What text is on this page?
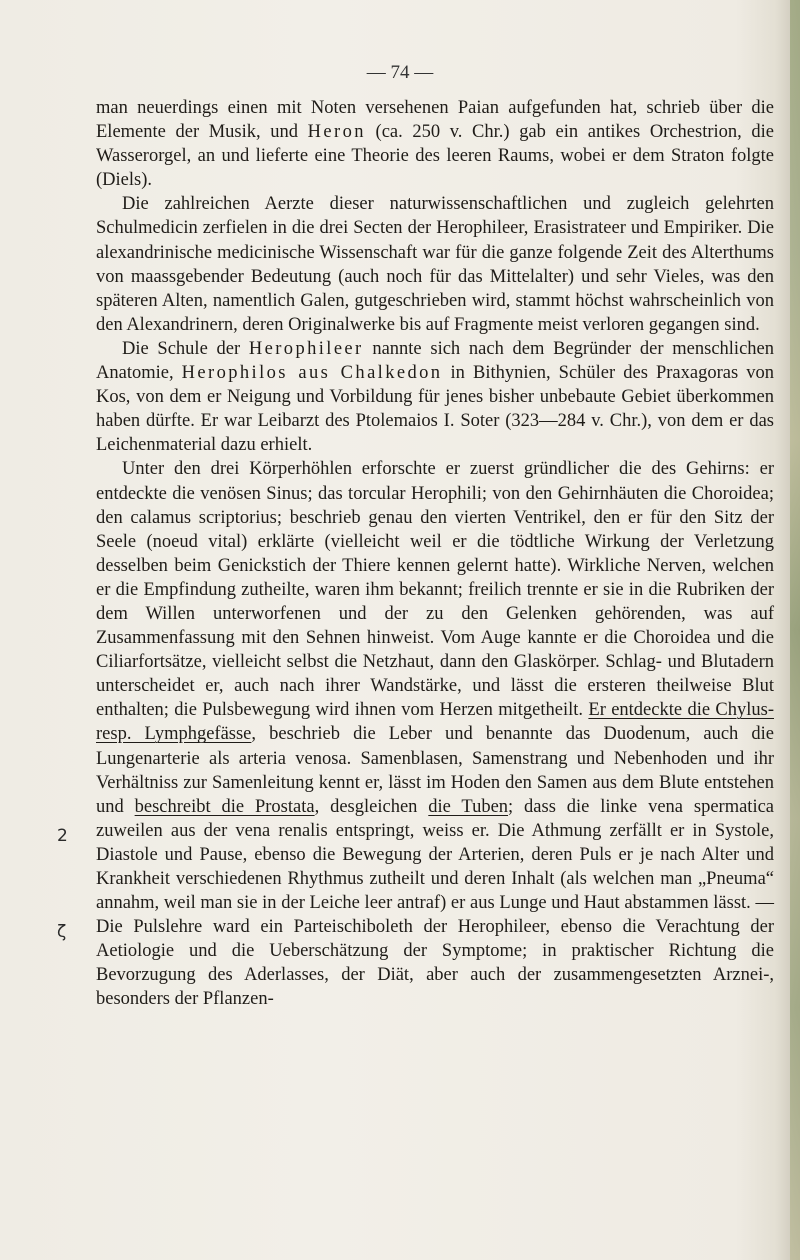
— 74 —

man neuerdings einen mit Noten versehenen Paian aufgefunden hat, schrieb über die Elemente der Musik, und Heron (ca. 250 v. Chr.) gab ein antikes Orchestrion, die Wasserorgel, an und lieferte eine Theorie des leeren Raums, wobei er dem Straton folgte (Diels).

Die zahlreichen Aerzte dieser naturwissenschaftlichen und zugleich gelehrten Schulmedicin zerfielen in die drei Secten der Herophileer, Erasistrateer und Empiriker. Die alexandrinische medicinische Wissenschaft war für die ganze folgende Zeit des Alterthums von maassgebender Bedeutung (auch noch für das Mittelalter) und sehr Vieles, was den späteren Alten, namentlich Galen, gutgeschrieben wird, stammt höchst wahrscheinlich von den Alexandrinern, deren Originalwerke bis auf Fragmente meist verloren gegangen sind.

Die Schule der Herophileer nannte sich nach dem Begründer der menschlichen Anatomie, Herophilos aus Chalkedon in Bithynien, Schüler des Praxagoras von Kos, von dem er Neigung und Vorbildung für jenes bisher unbebaute Gebiet überkommen haben dürfte. Er war Leibarzt des Ptolemaios I. Soter (323—284 v. Chr.), von dem er das Leichenmaterial dazu erhielt.

Unter den drei Körperhöhlen erforschte er zuerst gründlicher die des Gehirns: er entdeckte die venösen Sinus; das torcular Herophili; von den Gehirnhäuten die Choroidea; den calamus scriptorius; beschrieb genau den vierten Ventrikel, den er für den Sitz der Seele (noeud vital) erklärte (vielleicht weil er die tödtliche Wirkung der Verletzung desselben beim Genickstich der Thiere kennen gelernt hatte). Wirkliche Nerven, welchen er die Empfindung zutheilte, waren ihm bekannt; freilich trennte er sie in die Rubriken der dem Willen unterworfenen und der zu den Gelenken gehörenden, was auf Zusammenfassung mit den Sehnen hinweist. Vom Auge kannte er die Choroidea und die Ciliarfortsätze, vielleicht selbst die Netzhaut, dann den Glaskörper. Schlag- und Blutadern unterscheidet er, auch nach ihrer Wandstärke, und lässt die ersteren theilweise Blut enthalten; die Pulsbewegung wird ihnen vom Herzen mitgetheilt. Er entdeckte die Chylus- resp. Lymphgefässe, beschrieb die Leber und benannte das Duodenum, auch die Lungenarterie als arteria venosa. Samenblasen, Samenstrang und Nebenhoden und ihr Verhältniss zur Samenleitung kennt er, lässt im Hoden den Samen aus dem Blute entstehen und beschreibt die Prostata, desgleichen die Tuben; dass die linke vena spermatica zuweilen aus der vena renalis entspringt, weiss er. Die Athmung zerfällt er in Systole, Diastole und Pause, ebenso die Bewegung der Arterien, deren Puls er je nach Alter und Krankheit verschiedenen Rhythmus zutheilt und deren Inhalt (als welchen man „Pneuma“ annahm, weil man sie in der Leiche leer antraf) er aus Lunge und Haut abstammen lässt. — Die Pulslehre ward ein Parteischiboleth der Herophileer, ebenso die Verachtung der Aetiologie und die Ueberschätzung der Symptome; in praktischer Richtung die Bevorzugung des Aderlasses, der Diät, aber auch der zusammengesetzten Arznei-, besonders der Pflanzen-

2
ζ
